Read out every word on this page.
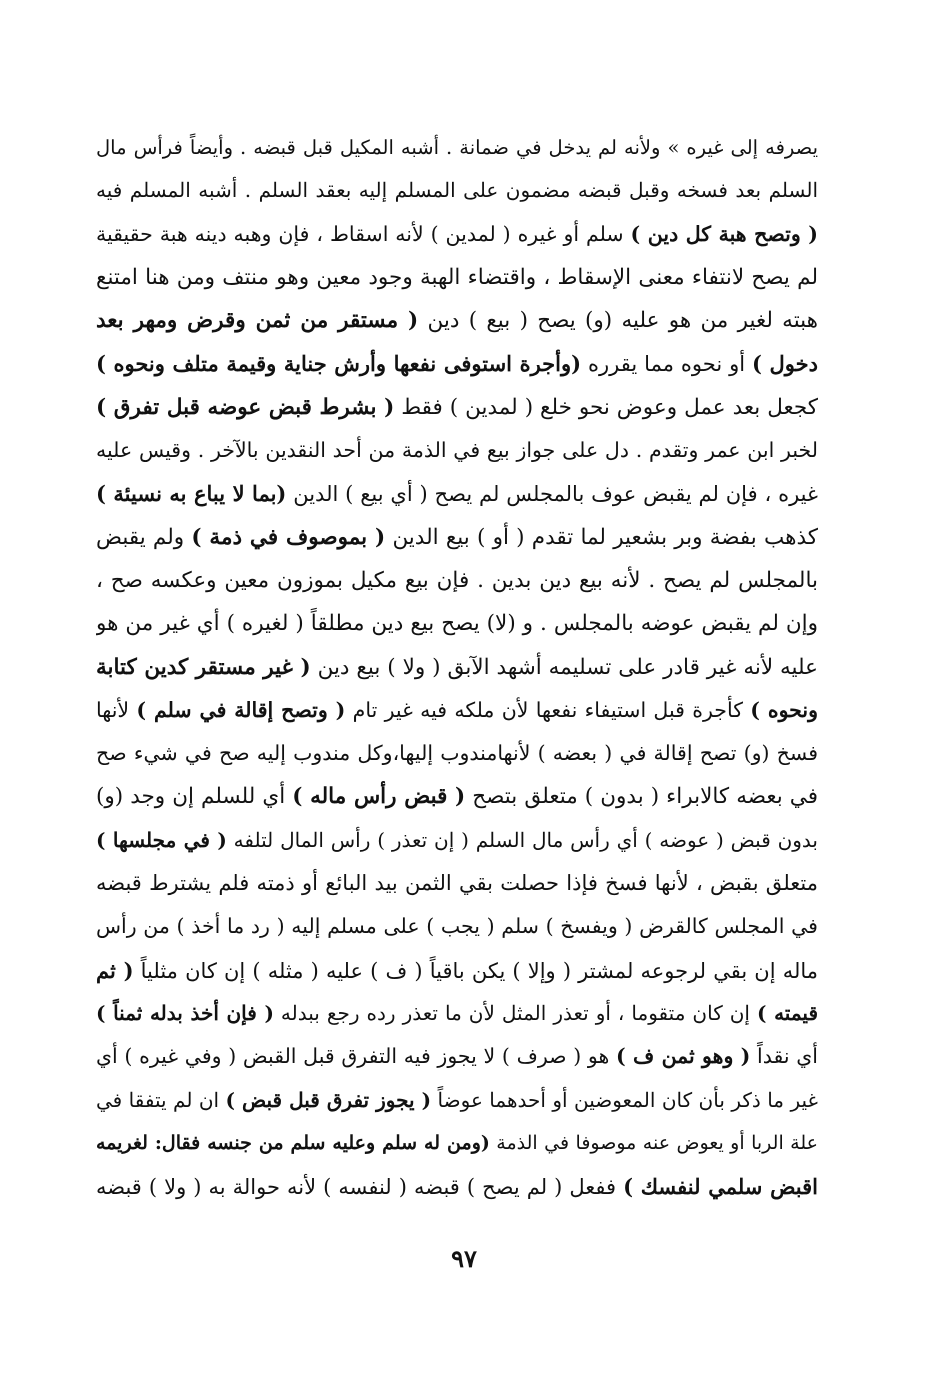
يصرفه إلى غيره » ولأنه لم يدخل في ضمانة . أشبه المكيل قبل قبضه . وأيضاً فرأس مال
السلم بعد فسخه وقبل قبضه مضمون على المسلم إليه بعقد السلم . أشبه المسلم فيه
( وتصح هبة كل دين ) سلم أو غيره ( لمدين ) لأنه اسقاط ، فإن وهبه دينه هبة حقيقية
لم يصح لانتفاء معنى الإسقاط ، واقتضاء الهبة وجود معين وهو منتف ومن هنا امتنع
هبته لغير من هو عليه (و) يصح ( بيع ) دين ( مستقر من ثمن وقرض ومهر بعد
دخول ) أو نحوه مما يقرره (وأجرة استوفى نفعها وأرش جناية وقيمة متلف ونحوه )
كجعل بعد عمل وعوض نحو خلع ( لمدين ) فقط ( بشرط قبض عوضه قبل تفرق )
لخبر ابن عمر وتقدم . دل على جواز بيع في الذمة من أحد النقدين بالآخر . وقيس عليه
غيره ، فإن لم يقبض عوف بالمجلس لم يصح ( أي بيع ) الدين (بما لا يباع به نسيئة )
كذهب بفضة وبر بشعير لما تقدم ( أو ) بيع الدين ( بموصوف في ذمة ) ولم يقبض
بالمجلس لم يصح . لأنه بيع دين بدين . فإن بيع مكيل بموزون معين وعكسه صح ،
وإن لم يقبض عوضه بالمجلس . و (لا) يصح بيع دين مطلقاً ( لغيره ) أي غير من هو
عليه لأنه غير قادر على تسليمه أشهد الآبق ( ولا ) بيع دين ( غير مستقر كدين كتابة
ونحوه ) كأجرة قبل استيفاء نفعها لأن ملكه فيه غير تام ( وتصح إقالة في سلم ) لأنها
فسخ (و) تصح إقالة في ( بعضه ) لأنهامندوب إليها،وكل مندوب إليه صح في شيء صح
في بعضه كالابراء ( بدون ) متعلق بتصح ( قبض رأس ماله ) أي للسلم إن وجد (و)
بدون قبض ( عوضه ) أي رأس مال السلم ( إن تعذر ) رأس المال لتلفه ( في مجلسها )
متعلق بقبض ، لأنها فسخ فإذا حصلت بقي الثمن بيد البائع أو ذمته فلم يشترط قبضه
في المجلس كالقرض ( ويفسخ ) سلم ( يجب ) على مسلم إليه ( رد ما أخذ ) من رأس
ماله إن بقي لرجوعه لمشتر ( وإلا ) يكن باقياً ( ف ) عليه ( مثله ) إن كان مثلياً ( ثم
قيمته ) إن كان متقوما ، أو تعذر المثل لأن ما تعذر رده رجع ببدله ( فإن أخذ بدله ثمناً )
أي نقداً ( وهو ثمن ف ) هو ( صرف ) لا يجوز فيه التفرق قبل القبض ( وفي غيره ) أي
غير ما ذكر بأن كان المعوضين أو أحدهما عوضاً ( يجوز تفرق قبل قبض ) ان لم يتفقا في
علة الربا أو يعوض عنه موصوفا في الذمة (ومن له سلم وعليه سلم من جنسه فقال: لغريمه
اقبض سلمي لنفسك ) ففعل ( لم يصح ) قبضه ( لنفسه ) لأنه حوالة به ( ولا ) قبضه
٩٧
